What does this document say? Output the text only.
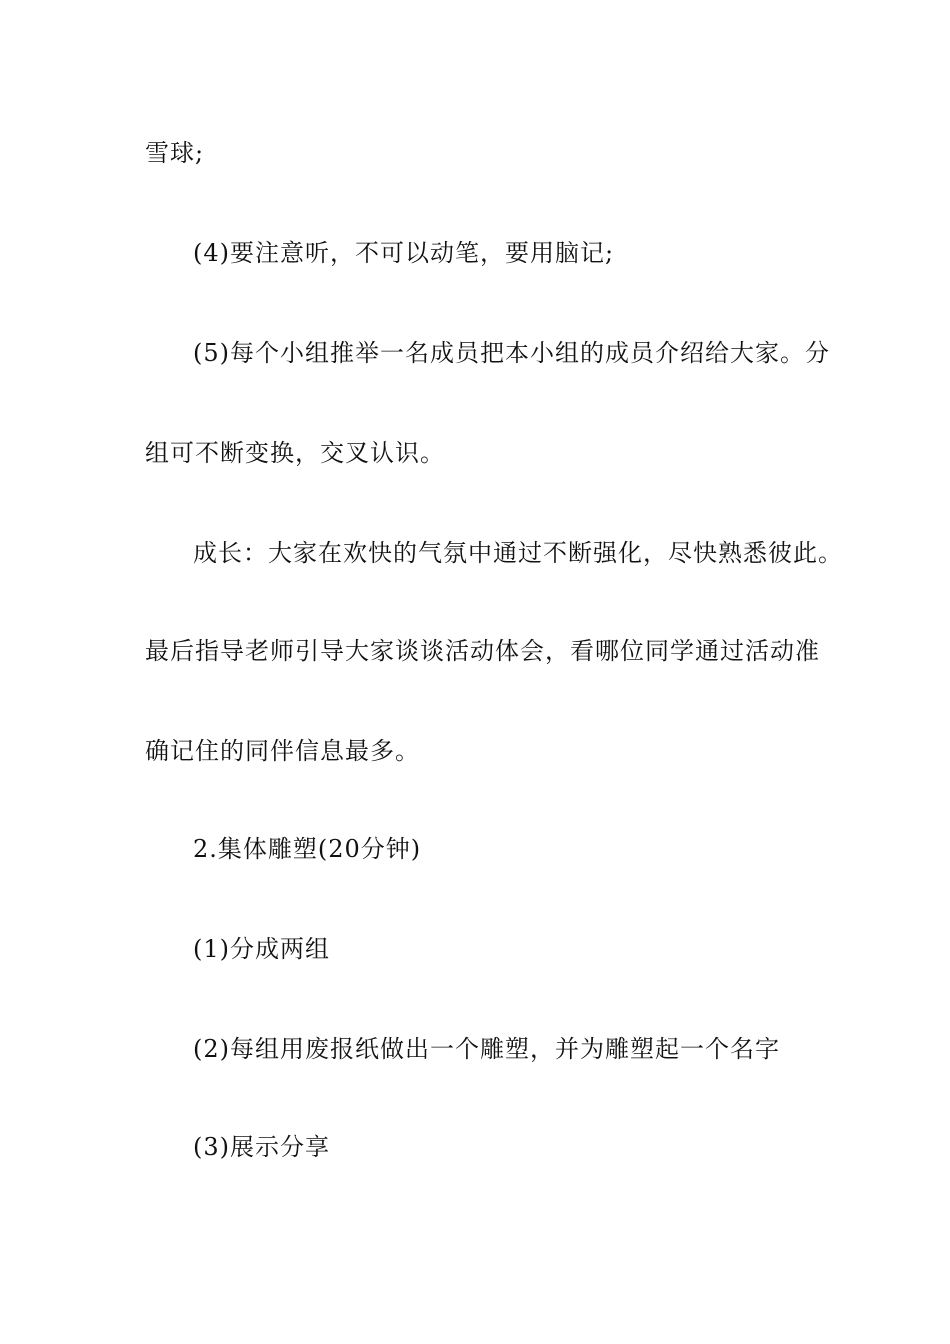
雪球;
(4)要注意听，不可以动笔，要用脑记;
(5)每个小组推举一名成员把本小组的成员介绍给大家。分
组可不断变换，交叉认识。
成长：大家在欢快的气氛中通过不断强化，尽快熟悉彼此。
最后指导老师引导大家谈谈活动体会，看哪位同学通过活动准
确记住的同伴信息最多。
2.集体雕塑(20分钟)
(1)分成两组
(2)每组用废报纸做出一个雕塑，并为雕塑起一个名字
(3)展示分享
